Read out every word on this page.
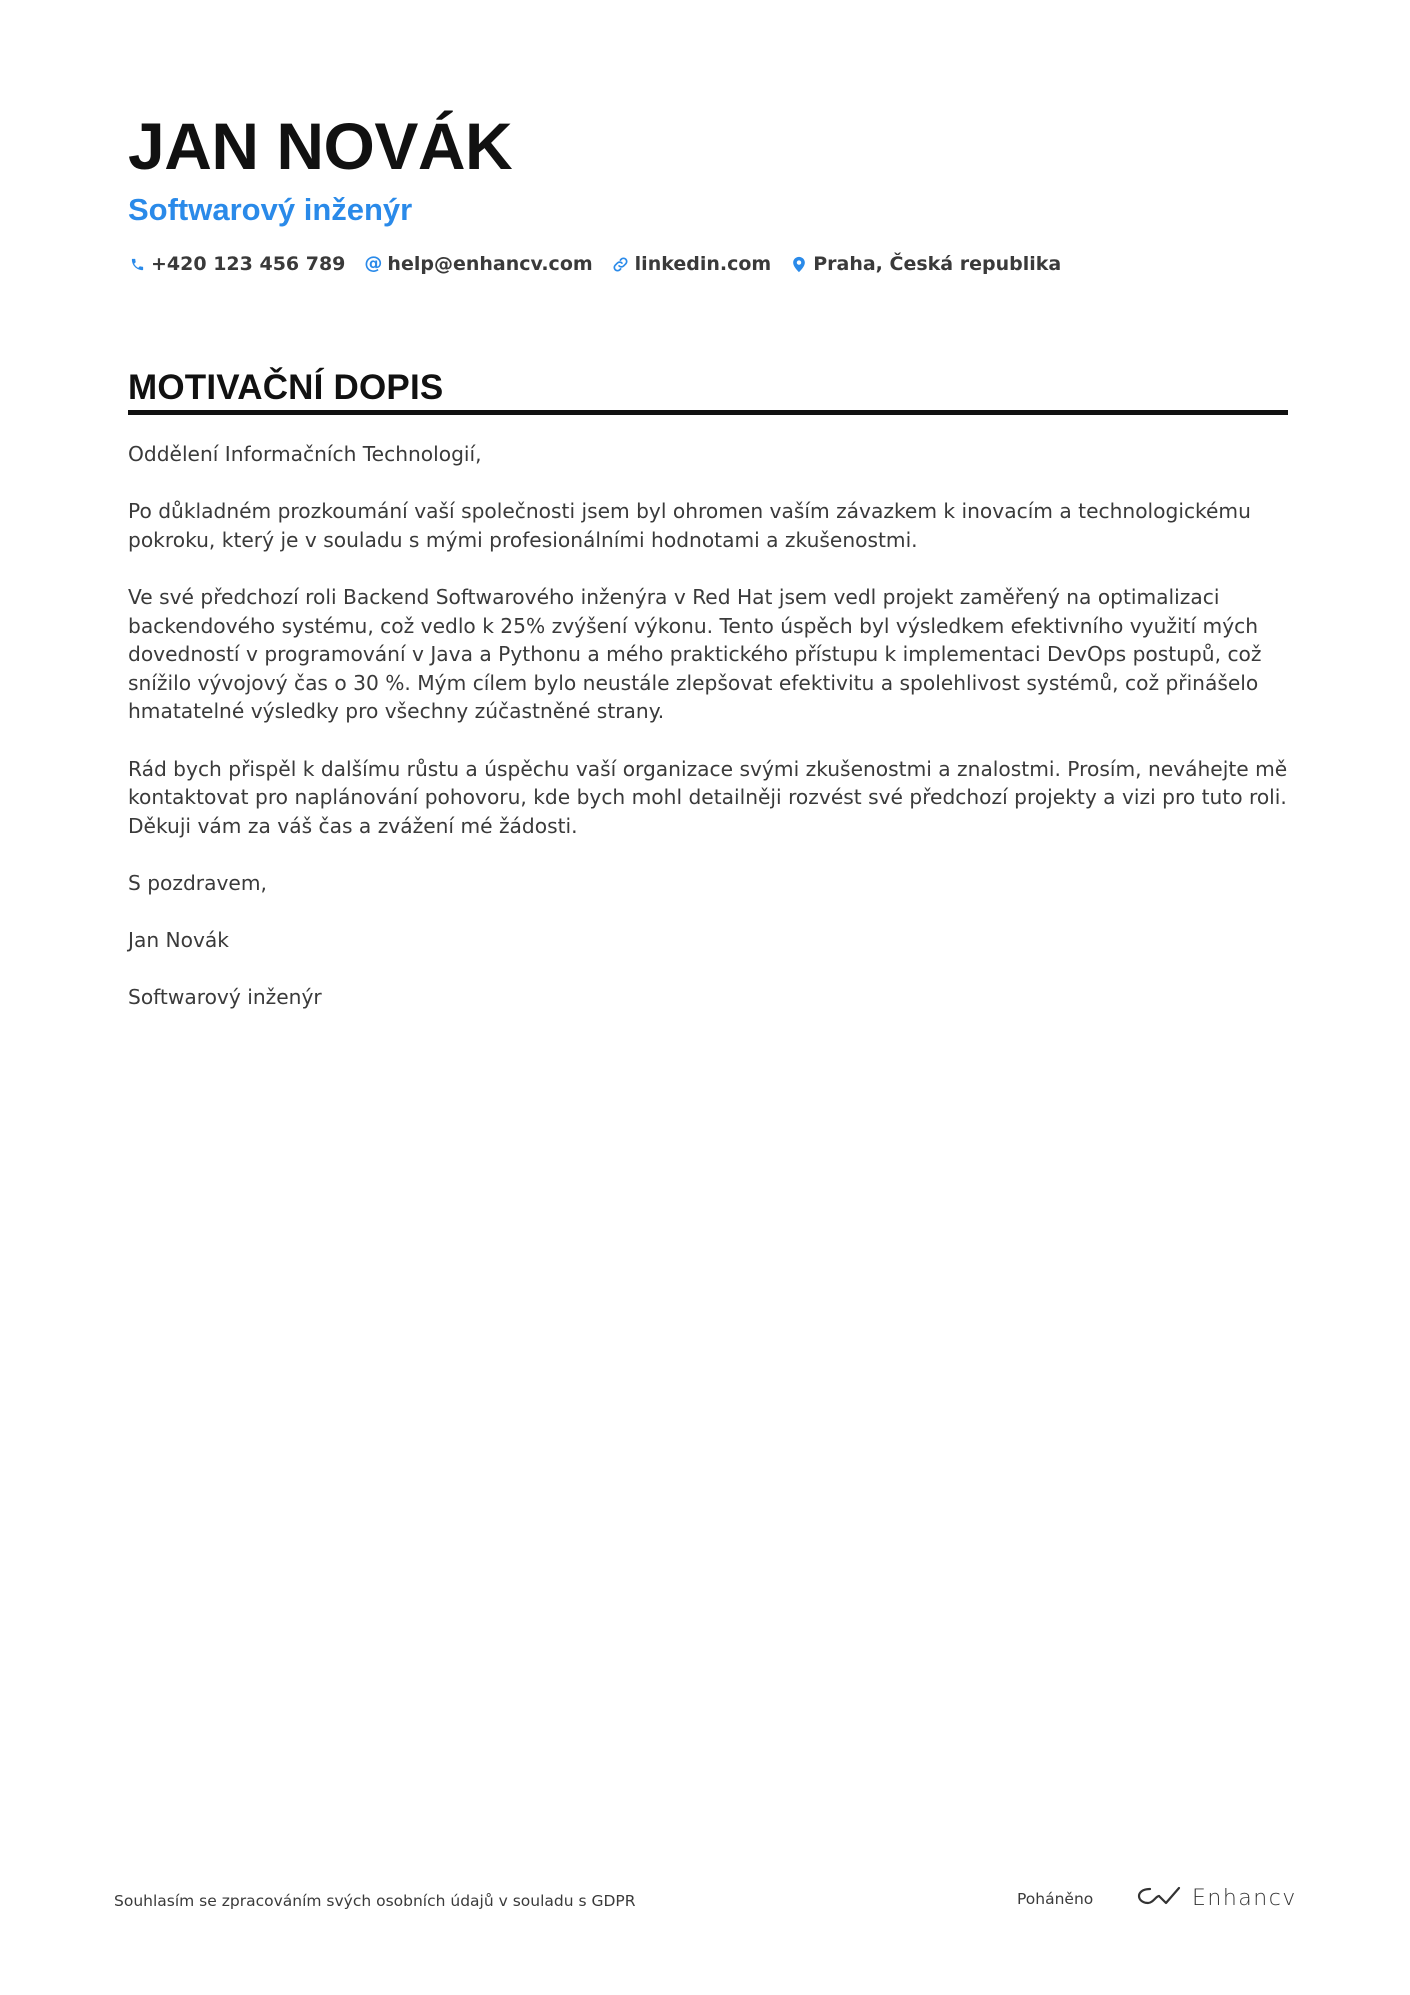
JAN NOVÁK
Softwarový inženýr
+420 123 456 789 @ help@enhancv.com linkedin.com Praha, Česká republika
MOTIVAČNÍ DOPIS

Oddělení Informačních Technologií,

Po důkladném prozkoumání vaší společnosti jsem byl ohromen vaším závazkem k inovacím a technologickému pokroku, který je v souladu s mými profesionálními hodnotami a zkušenostmi.

Ve své předchozí roli Backend Softwarového inženýra v Red Hat jsem vedl projekt zaměřený na optimalizaci backendového systému, což vedlo k 25% zvýšení výkonu. Tento úspěch byl výsledkem efektivního využití mých dovedností v programování v Java a Pythonu a mého praktického přístupu k implementaci DevOps postupů, což snížilo vývojový čas o 30 %. Mým cílem bylo neustále zlepšovat efektivitu a spolehlivost systémů, což přinášelo hmatatelné výsledky pro všechny zúčastněné strany.

Rád bych přispěl k dalšímu růstu a úspěchu vaší organizace svými zkušenostmi a znalostmi. Prosím, neváhejte mě kontaktovat pro naplánování pohovoru, kde bych mohl detailněji rozvést své předchozí projekty a vizi pro tuto roli. Děkuji vám za váš čas a zvážení mé žádosti.

S pozdravem,

Jan Novák

Softwarový inženýr

Souhlasím se zpracováním svých osobních údajů v souladu s GDPR	Poháněno	Enhancv
